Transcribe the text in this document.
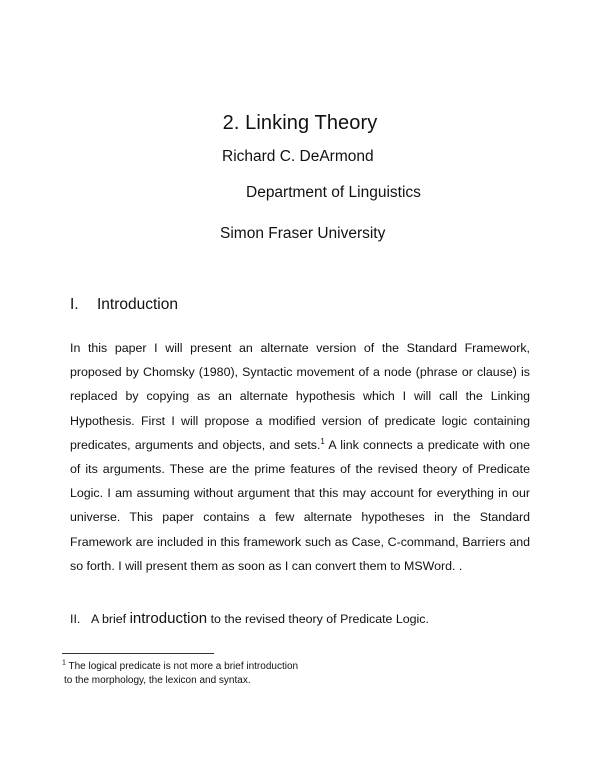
2. Linking Theory
Richard C. DeArmond
Department of Linguistics
Simon Fraser University
I. Introduction

In this paper I will present an alternate version of the Standard Framework, proposed by Chomsky (1980), Syntactic movement of a node (phrase or clause) is replaced by copying as an alternate hypothesis which I will call the Linking Hypothesis. First I will propose a modified version of predicate logic containing predicates, arguments and objects, and sets.$^1$ A link connects a predicate with one of its arguments. These are the prime features of the revised theory of Predicate Logic. I am assuming without argument that this may account for everything in our universe. This paper contains a few alternate hypotheses in the Standard Framework are included in this framework such as Case, C-command, Barriers and so forth. I will present them as soon as I can convert them to MSWord. .

II. A brief introduction to the revised theory of Predicate Logic.

$^1$ The logical predicate is not more a brief introduction
to the morphology, the lexicon and syntax.
